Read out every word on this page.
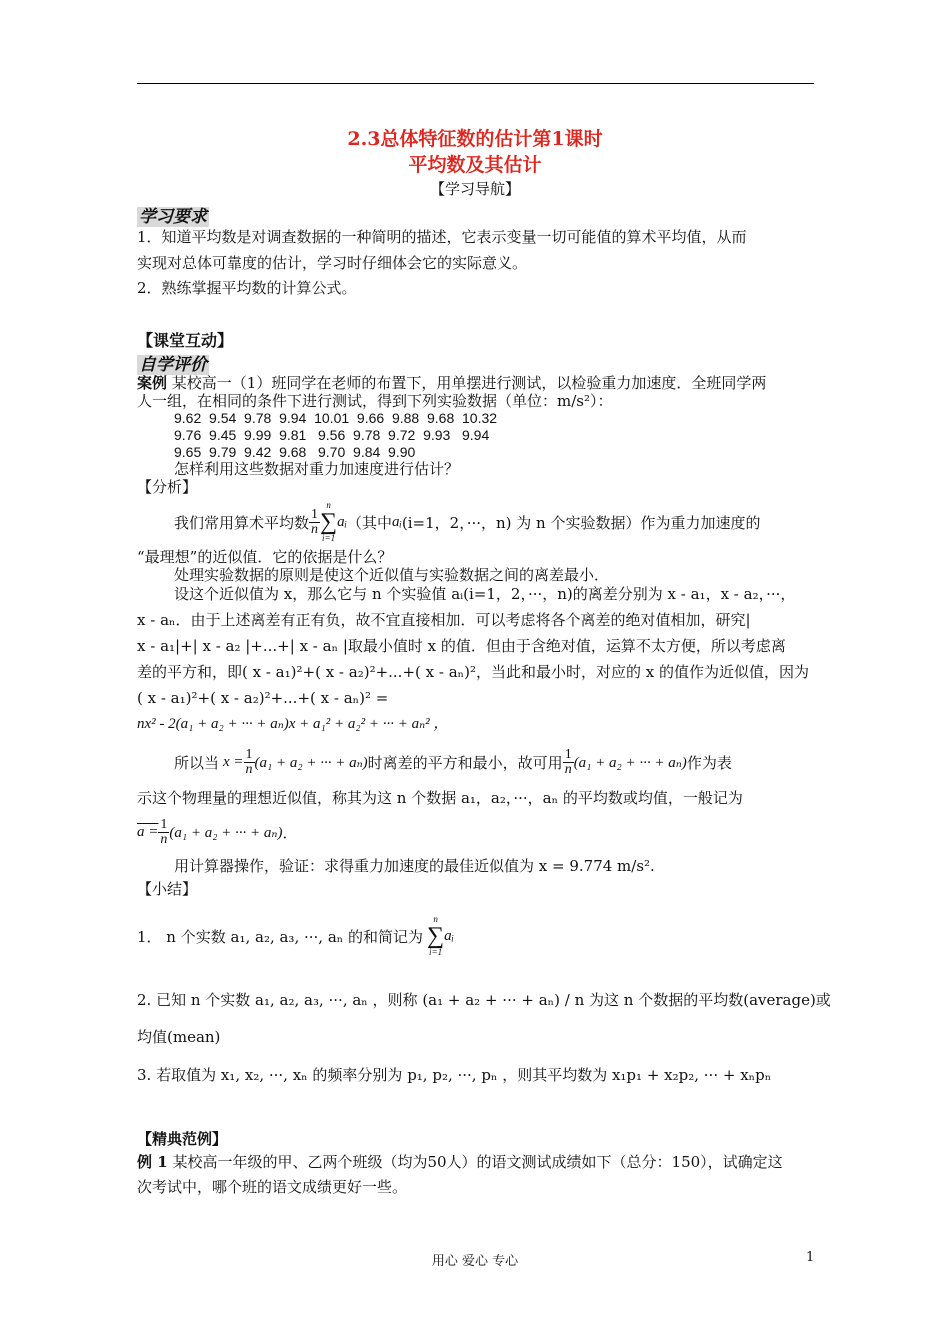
2.3总体特征数的估计第1课时
平均数及其估计
【学习导航】
学习要求
1．知道平均数是对调查数据的一种简明的描述，它表示变量一切可能值的算术平均值，从而
实现对总体可靠度的估计，学习时仔细体会它的实际意义。
2．熟练掌握平均数的计算公式。
【课堂互动】
自学评价
案例 某校高一（1）班同学在老师的布置下，用单摆进行测试，以检验重力加速度．全班同学两
人一组，在相同的条件下进行测试，得到下列实验数据（单位：m/s²）：
9.62  9.54  9.78  9.94  10.01  9.66  9.88  9.68  10.32
9.76  9.45  9.99  9.81   9.56  9.78  9.72  9.93   9.94
9.65  9.79  9.42  9.68   9.70  9.84  9.90
怎样利用这些数据对重力加速度进行估计？
【分析】
我们常用算术平均数 $\frac{1}{n}$
n
∑
i=1
aᵢ （其中 aᵢ (i=1，2，···，n) 为 n 个实验数据）作为重力加速度的
“最理想”的近似值．它的依据是什么？
处理实验数据的原则是使这个近似值与实验数据之间的离差最小．
设这个近似值为 x，那么它与 n 个实验值 aᵢ(i=1，2，···，n)的离差分别为 x - a₁，x - a₂，···，
x - aₙ．由于上述离差有正有负，故不宜直接相加．可以考虑将各个离差的绝对值相加，研究|
x - a₁|+| x - a₂ |+...+| x - aₙ |取最小值时 x 的值．但由于含绝对值，运算不太方便，所以考虑离
差的平方和，即( x - a₁)²+( x - a₂)²+...+( x - aₙ)²，当此和最小时，对应的 x 的值作为近似值，因为
( x - a₁)²+( x - a₂)²+...+( x - aₙ)² =
nx² - 2(a₁ + a₂ + ··· + aₙ)x + a₁² + a₂² + ··· + aₙ² ，
所以当 $x = \frac{1}{n} (a_1 + a_2$ + ··· + aₙ) 时离差的平方和最小，故可用 $\frac{1}{n} (a_1 + a_2$ + ··· + aₙ) 作为表
示这个物理量的理想近似值，称其为这 n 个数据 a₁，a₂，···，aₙ 的平均数或均值，一般记为
$a = \frac{1}{n} (a_1 + a_2$ + ··· + aₙ) ．
用计算器操作，验证：求得重力加速度的最佳近似值为 x = 9.774 m/s².
【小结】
1． n 个实数 a₁, a₂, a₃, ···, aₙ 的和简记为
n
∑
i=1
aᵢ
2. 已知 n 个实数 a₁, a₂, a₃, ···, aₙ ，则称 (a₁ + a₂ + ··· + aₙ) / n 为这 n 个数据的平均数(average)或
均值(mean)
3. 若取值为 x₁, x₂, ···, xₙ 的频率分别为 p₁, p₂, ···, pₙ ，则其平均数为 x₁p₁ + x₂p₂, ··· + xₙpₙ
【精典范例】
例 1 某校高一年级的甲、乙两个班级（均为50人）的语文测试成绩如下（总分：150），试确定这
次考试中，哪个班的语文成绩更好一些。
用心 爱心 专心	1
